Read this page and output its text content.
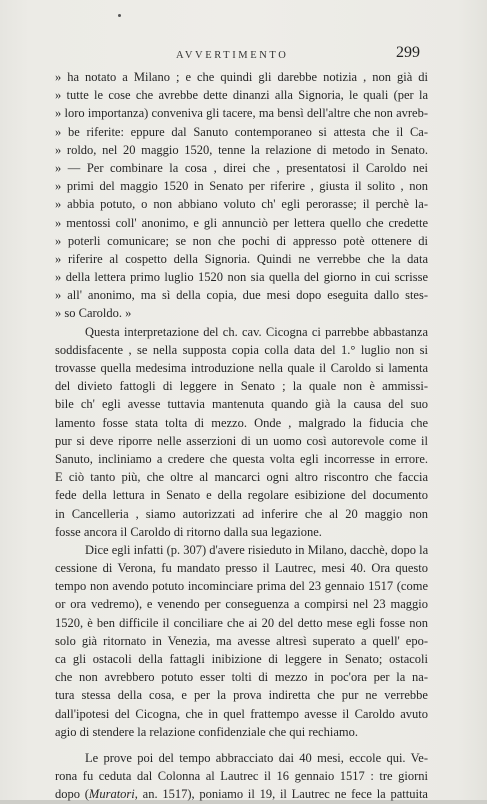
AVVERTIMENTO	299
» ha notato a Milano ; e che quindi gli darebbe notizia , non già di
» tutte le cose che avrebbe dette dinanzi alla Signoria, le quali (per la
» loro importanza) conveniva gli tacere, ma bensì dell'altre che non avreb-
» be riferite: eppure dal Sanuto contemporaneo si attesta che il Ca-
» roldo, nel 20 maggio 1520, tenne la relazione di metodo in Senato.
» — Per combinare la cosa , direi che , presentatosi il Caroldo nei
» primi del maggio 1520 in Senato per riferire , giusta il solito , non
» abbia potuto, o non abbiano voluto ch' egli perorasse; il perchè la-
» mentossi coll' anonimo, e gli annunciò per lettera quello che credette
» poterli comunicare; se non che pochi di appresso potè ottenere di
» riferire al cospetto della Signoria. Quindi ne verrebbe che la data
» della lettera primo luglio 1520 non sia quella del giorno in cui scrisse
» all' anonimo, ma sì della copia, due mesi dopo eseguita dallo stes-
» so Caroldo. »
Questa interpretazione del ch. cav. Cicogna ci parrebbe abbastanza
soddisfacente , se nella supposta copia colla data del 1.° luglio non si
trovasse quella medesima introduzione nella quale il Caroldo si lamenta
del divieto fattogli di leggere in Senato ; la quale non è ammissi-
bile ch' egli avesse tuttavia mantenuta quando già la causa del suo
lamento fosse stata tolta di mezzo. Onde , malgrado la fiducia che
pur si deve riporre nelle asserzioni di un uomo così autorevole come il
Sanuto, incliniamo a credere che questa volta egli incorresse in errore.
E ciò tanto più, che oltre al mancarci ogni altro riscontro che faccia
fede della lettura in Senato e della regolare esibizione del documento
in Cancelleria , siamo autorizzati ad inferire che al 20 maggio non
fosse ancora il Caroldo di ritorno dalla sua legazione.
Dice egli infatti (p. 307) d'avere risieduto in Milano, dacchè, dopo la
cessione di Verona, fu mandato presso il Lautrec, mesi 40. Ora questo
tempo non avendo potuto incominciare prima del 23 gennaio 1517 (come
or ora vedremo), e venendo per conseguenza a compirsi nel 23 maggio
1520, è ben difficile il conciliare che ai 20 del detto mese egli fosse non
solo già ritornato in Venezia, ma avesse altresì superato a quell' epo-
ca gli ostacoli della fattagli inibizione di leggere in Senato; ostacoli
che non avrebbero potuto esser tolti di mezzo in poc'ora per la na-
tura stessa della cosa, e per la prova indiretta che pur ne verrebbe
dall'ipotesi del Cicogna, che in quel frattempo avesse il Caroldo avuto
agio di stendere la relazione confidenziale che qui rechiamo.
Le prove poi del tempo abbracciato dai 40 mesi, eccole qui. Ve-
rona fu ceduta dal Colonna al Lautrec il 16 gennaio 1517 : tre giorni
dopo (Muratori, an. 1517), poniamo il 19, il Lautrec ne fece la pattuita
